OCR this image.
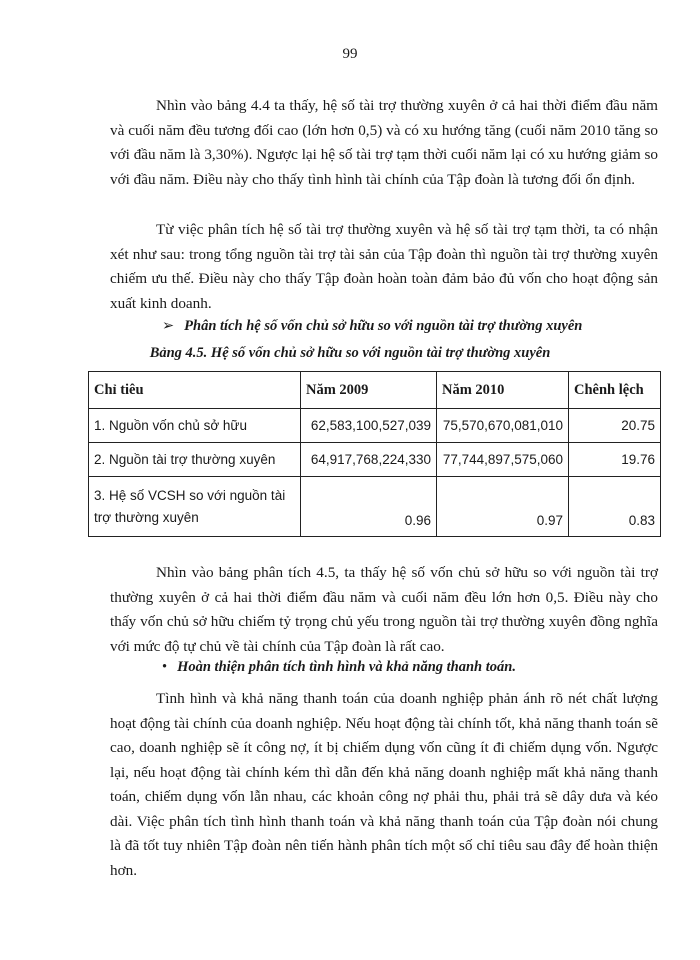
99

Nhìn vào bảng 4.4 ta thấy, hệ số tài trợ thường xuyên ở cả hai thời điểm đầu năm và cuối năm đều tương đối cao (lớn hơn 0,5) và có xu hướng tăng (cuối năm 2010 tăng so với đầu năm là 3,30%). Ngược lại hệ số tài trợ tạm thời cuối năm lại có xu hướng giảm so với đầu năm. Điều này cho thấy tình hình tài chính của Tập đoàn là tương đối ổn định.

Từ việc phân tích hệ số tài trợ thường xuyên và hệ số tài trợ tạm thời, ta có nhận xét như sau: trong tổng nguồn tài trợ tài sản của Tập đoàn thì nguồn tài trợ thường xuyên chiếm ưu thế. Điều này cho thấy Tập đoàn hoàn toàn đảm bảo đủ vốn cho hoạt động sản xuất kinh doanh.

➢ Phân tích hệ số vốn chủ sở hữu so với nguồn tài trợ thường xuyên

Bảng 4.5. Hệ số vốn chủ sở hữu so với nguồn tài trợ thường xuyên

Chỉ tiêu	Năm 2009	Năm 2010	Chênh lệch
1. Nguồn vốn chủ sở hữu	62,583,100,527,039	75,570,670,081,010	20.75
2. Nguồn tài trợ thường xuyên	64,917,768,224,330	77,744,897,575,060	19.76
3. Hệ số VCSH so với nguồn tài trợ thường xuyên	0.96	0.97	0.83

Nhìn vào bảng phân tích 4.5, ta thấy hệ số vốn chủ sở hữu so với nguồn tài trợ thường xuyên ở cả hai thời điểm đầu năm và cuối năm đều lớn hơn 0,5. Điều này cho thấy vốn chủ sở hữu chiếm tỷ trọng chủ yếu trong nguồn tài trợ thường xuyên đồng nghĩa với mức độ tự chủ về tài chính của Tập đoàn là rất cao.

• Hoàn thiện phân tích tình hình và khả năng thanh toán.

Tình hình và khả năng thanh toán của doanh nghiệp phản ánh rõ nét chất lượng hoạt động tài chính của doanh nghiệp. Nếu hoạt động tài chính tốt, khả năng thanh toán sẽ cao, doanh nghiệp sẽ ít công nợ, ít bị chiếm dụng vốn cũng ít đi chiếm dụng vốn. Ngược lại, nếu hoạt động tài chính kém thì dẫn đến khả năng doanh nghiệp mất khả năng thanh toán, chiếm dụng vốn lẫn nhau, các khoản công nợ phải thu, phải trả sẽ dây dưa và kéo dài. Việc phân tích tình hình thanh toán và khả năng thanh toán của Tập đoàn nói chung là đã tốt tuy nhiên Tập đoàn nên tiến hành phân tích một số chỉ tiêu sau đây để hoàn thiện hơn.
